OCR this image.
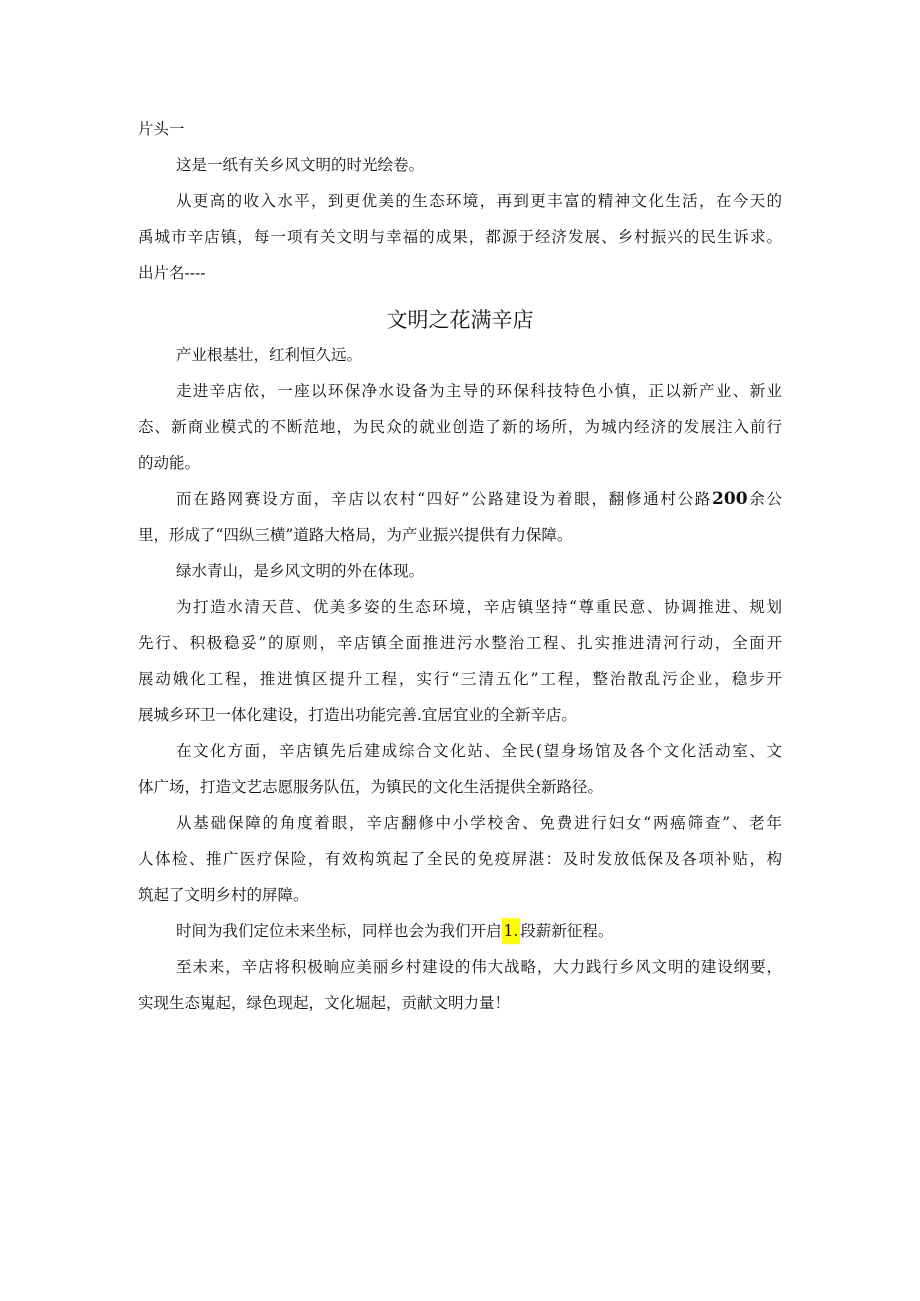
片头一
这是一纸有关乡风文明的时光绘卷。
从更高的收入水平，到更优美的生态环境，再到更丰富的精神文化生活，在今天的
禹城市辛店镇，每一项有关文明与幸福的成果，都源于经济发展、乡村振兴的民生诉求。
出片名----
文明之花满辛店
产业根基壮，红利恒久远。
走进辛店依，一座以环保净水设备为主导的环保科技特色小慎，正以新产业、新业
态、新商业模式的不断范地，为民众的就业创造了新的场所，为城内经济的发展注入前行
的动能。
而在路网赛设方面，辛店以农村“四好”公路建设为着眼，翻修通村公路200余公
里，形成了“四纵三横”道路大格局，为产业振兴提供有力保障。
绿水青山，是乡风文明的外在体现。
为打造水清天苣、优美多姿的生态环境，辛店镇坚持“尊重民意、协调推进、规划
先行、积极稳妥”的原则，辛店镇全面推进污水整治工程、扎实推进清河行动，全面开
展动娥化工程，推进慎区提升工程，实行“三清五化”工程，整治散乱污企业，稳步开
展城乡环卫一体化建设，打造出功能完善.宜居宜业的全新辛店。
在文化方面，辛店镇先后建成综合文化站、全民(望身场馆及各个文化活动室、文
体广场，打造文艺志愿服务队伍，为镇民的文化生活提供全新路径。
从基础保障的角度着眼，辛店翻修中小学校舍、免费进行妇女“两癌筛查”、老年
人体检、推广医疗保险，有效构筑起了全民的免疫屏湛：及时发放低保及各项补贴，构
筑起了文明乡村的屏障。
时间为我们定位未来坐标，同样也会为我们开启 1. 段薪新征程。
至未来，辛店将积极晌应美丽乡村建设的伟大战略，大力践行乡风文明的建设纲要，
实现生态嵬起，绿色现起，文化堀起，贡献文明力量！
